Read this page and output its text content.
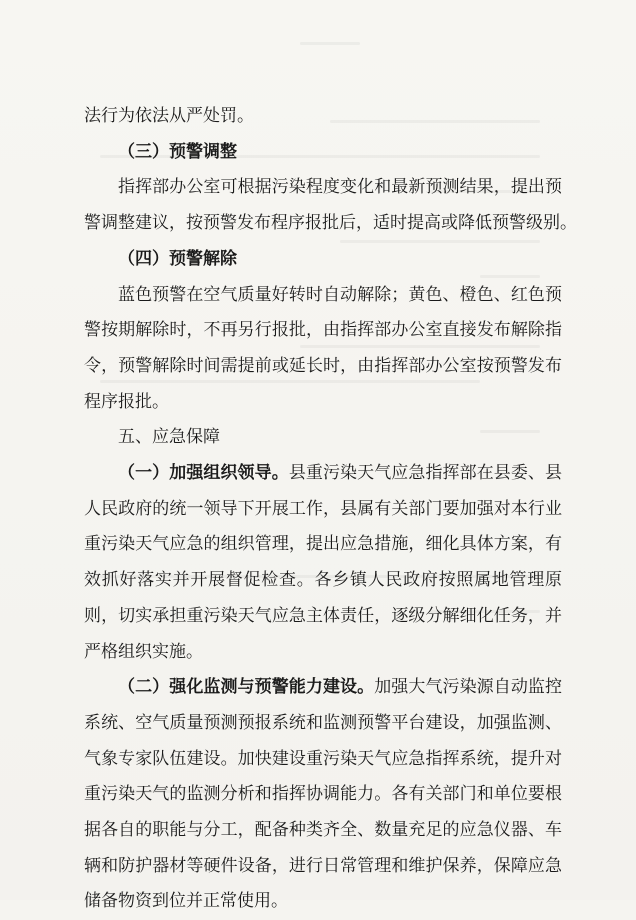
法行为依法从严处罚。

（三）预警调整

指挥部办公室可根据污染程度变化和最新预测结果，提出预
警调整建议，按预警发布程序报批后，适时提高或降低预警级别。

（四）预警解除

蓝色预警在空气质量好转时自动解除；黄色、橙色、红色预
警按期解除时，不再另行报批，由指挥部办公室直接发布解除指
令，预警解除时间需提前或延长时，由指挥部办公室按预警发布
程序报批。

五、应急保障

（一）加强组织领导。县重污染天气应急指挥部在县委、县
人民政府的统一领导下开展工作，县属有关部门要加强对本行业
重污染天气应急的组织管理，提出应急措施，细化具体方案，有
效抓好落实并开展督促检查。各乡镇人民政府按照属地管理原
则，切实承担重污染天气应急主体责任，逐级分解细化任务，并
严格组织实施。

（二）强化监测与预警能力建设。加强大气污染源自动监控
系统、空气质量预测预报系统和监测预警平台建设，加强监测、
气象专家队伍建设。加快建设重污染天气应急指挥系统，提升对
重污染天气的监测分析和指挥协调能力。各有关部门和单位要根
据各自的职能与分工，配备种类齐全、数量充足的应急仪器、车
辆和防护器材等硬件设备，进行日常管理和维护保养，保障应急
储备物资到位并正常使用。
